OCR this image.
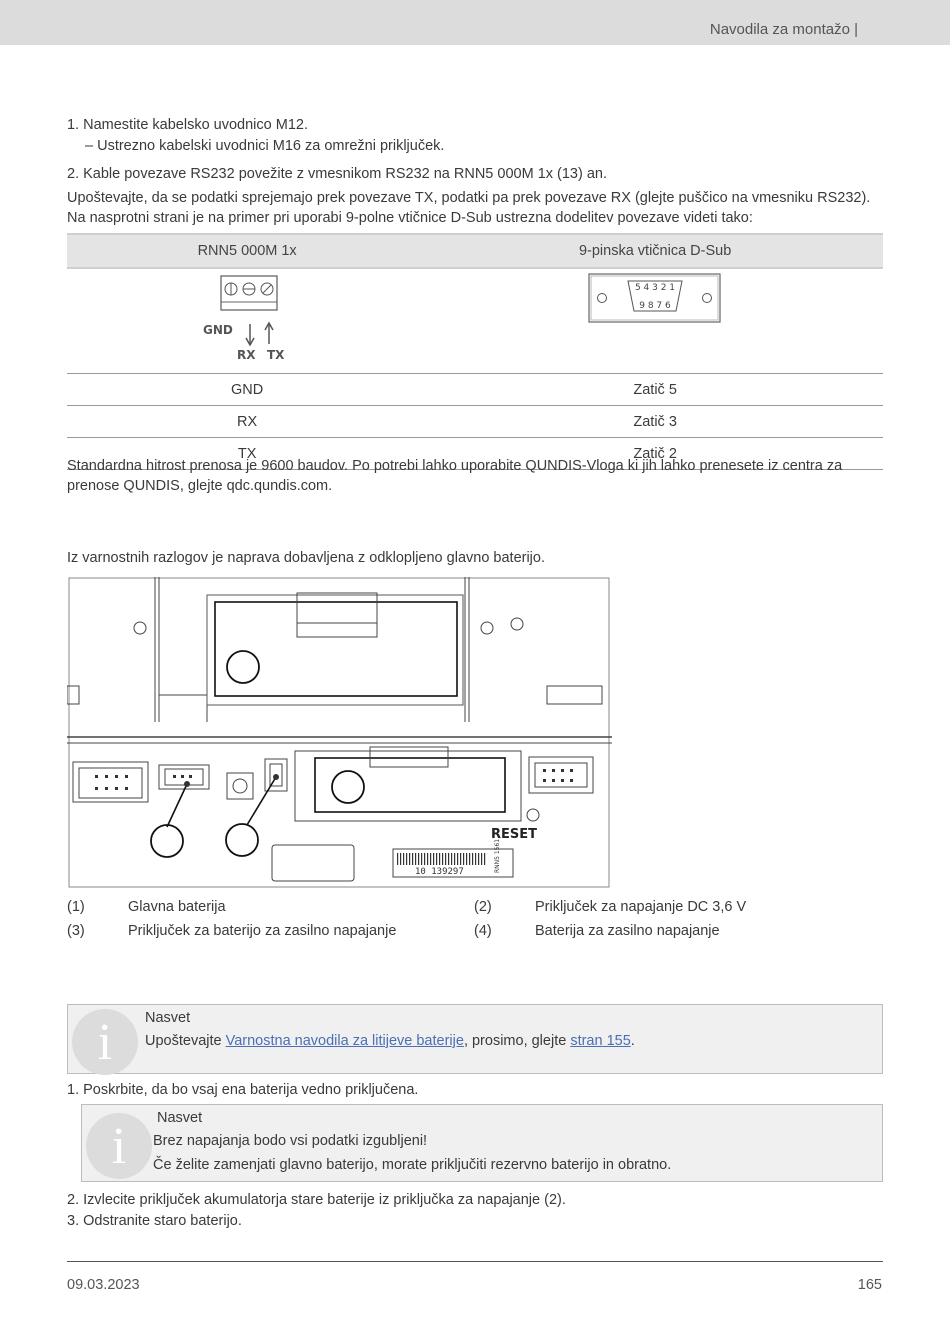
Navodila za montažo |
1. Namestite kabelsko uvodnico M12.
– Ustrezno kabelski uvodnici M16 za omrežni priključek.
2. Kable povezave RS232 povežite z vmesnikom RS232 na RNN5 000M 1x (13) an.
Upoštevajte, da se podatki sprejemajo prek povezave TX, podatki pa prek povezave RX (glejte puščico na vmesniku RS232). Na nasprotni strani je na primer pri uporabi 9-polne vtičnice D-Sub ustrezna dodelitev povezave videti tako:
RNN5 000M 1x	9-pinska vtičnica D-Sub

GND
RX TX	5 4 3 2 1
9 8 7 6

GND	Zatič 5
RX	Zatič 3
TX	Zatič 2
Standardna hitrost prenosa je 9600 baudov. Po potrebi lahko uporabite QUNDIS-Vloga ki jih lahko prenesete iz centra za prenose QUNDIS, glejte qdc.qundis.com.
Iz varnostnih razlogov je naprava dobavljena z odklopljeno glavno baterijo.
RESET
10 139297	RNN5 1561
(1)	Glavna baterija	(2)	Priključek za napajanje DC 3,6 V
(3)	Priključek za baterijo za zasilno napajanje	(4)	Baterija za zasilno napajanje
i	Nasvet
Upoštevajte Varnostna navodila za litijeve baterije, prosimo, glejte stran 155.
1. Poskrbite, da bo vsaj ena baterija vedno priključena.
i	Nasvet
Brez napajanja bodo vsi podatki izgubljeni!
Če želite zamenjati glavno baterijo, morate priključiti rezervno baterijo in obratno.
2. Izvlecite priključek akumulatorja stare baterije iz priključka za napajanje (2).
3. Odstranite staro baterijo.
09.03.2023	165
